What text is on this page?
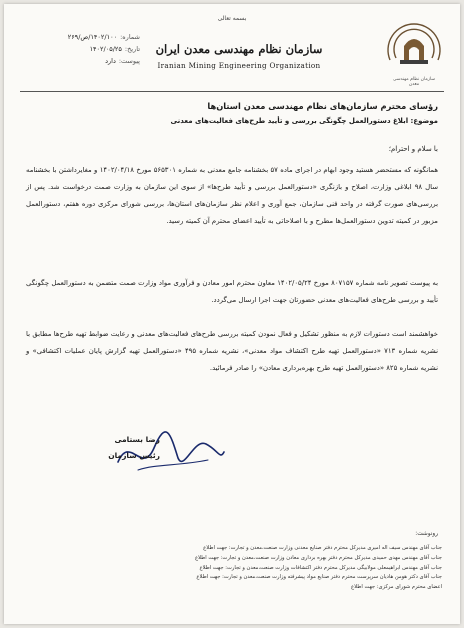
بسمه تعالی
شماره:
۱۴۰۲/۱۰۰/ص/۲۶۹
تاریخ:
۱۴۰۲/۰۵/۲۵
پیوست:
دارد
سازمان نظام مهندسی معدن ایران
Iranian Mining Engineering Organization
سازمان نظام مهندسی معدن
رؤسای محترم سازمان‌های نظام مهندسی معدن استان‌ها
موضوع: ابلاغ دستورالعمل چگونگی بررسی و تأیید طرح‌های فعالیت‌های معدنی
با سلام و احترام؛
همانگونه که مستحضر هستید وجود ابهام در اجرای ماده ۵۷ بخشنامه جامع معدنی به شماره ۵۶۵۳۰۱ مورخ ۱۴۰۲/۰۴/۱۸ و مغایرداشتن با بخشنامه سال ۹۸ ابلاغی وزارت، اصلاح و بازنگری «دستورالعمل بررسی و تأیید طرح‌ها» از سوی این سازمان به وزارت صمت درخواست شد. پس از بررسی‌های صورت گرفته در واحد فنی سازمان، جمع آوری و اعلام نظر سازمان‌های استان‌ها، بررسی شورای مرکزی دوره هفتم، دستورالعمل مزبور در کمیته تدوین دستورالعمل‌ها مطرح و با اصلاحاتی به تأیید اعضای محترم آن کمیته رسید.
به پیوست تصویر نامه شماره ۸۰۷۱۵۷ مورخ ۱۴۰۲/۰۵/۲۴ معاون محترم امور معادن و فرآوری مواد وزارت صمت متضمن به دستورالعمل چگونگی تأیید و بررسی طرح‌های فعالیت‌های معدنی حضورتان جهت اجرا ارسال می‌گردد.
خواهشمند است دستورات لازم به منظور تشکیل و فعال نمودن کمیته بررسی طرح‌های فعالیت‌های معدنی و رعایت ضوابط تهیه طرح‌ها مطابق با نشریه شماره ۷۱۳ «دستورالعمل تهیه طرح اکتشاف مواد معدنی»، نشریه شماره ۴۹۵ «دستورالعمل تهیه گزارش پایان عملیات اکتشافی» و نشریه شماره ۸۲۵ «دستورالعمل تهیه طرح بهره‌برداری معادن» را صادر فرمائید.
رضا بستامی
رئیس سازمان
رونوشت:
جناب آقای مهندس سیف اله امیری مدیرکل محترم دفتر صنایع معدنی وزارت صنعت،معدن و تجارت: جهت اطلاع
جناب آقای مهندس مهدی حمیدی مدیرکل محترم دفتر بهره برداری معادن وزارت صنعت،معدن و تجارت: جهت اطلاع
جناب آقای مهندس ابراهیمعلی مولابیگی مدیرکل محترم دفتر اکتشافات وزارت صنعت،معدن و تجارت: جهت اطلاع
جناب آقای دکتر هومن هادیان سرپرست محترم دفتر صنایع مواد پیشرفته وزارت صنعت،معدن و تجارت: جهت اطلاع
اعضای محترم شورای مرکزی: جهت اطلاع
